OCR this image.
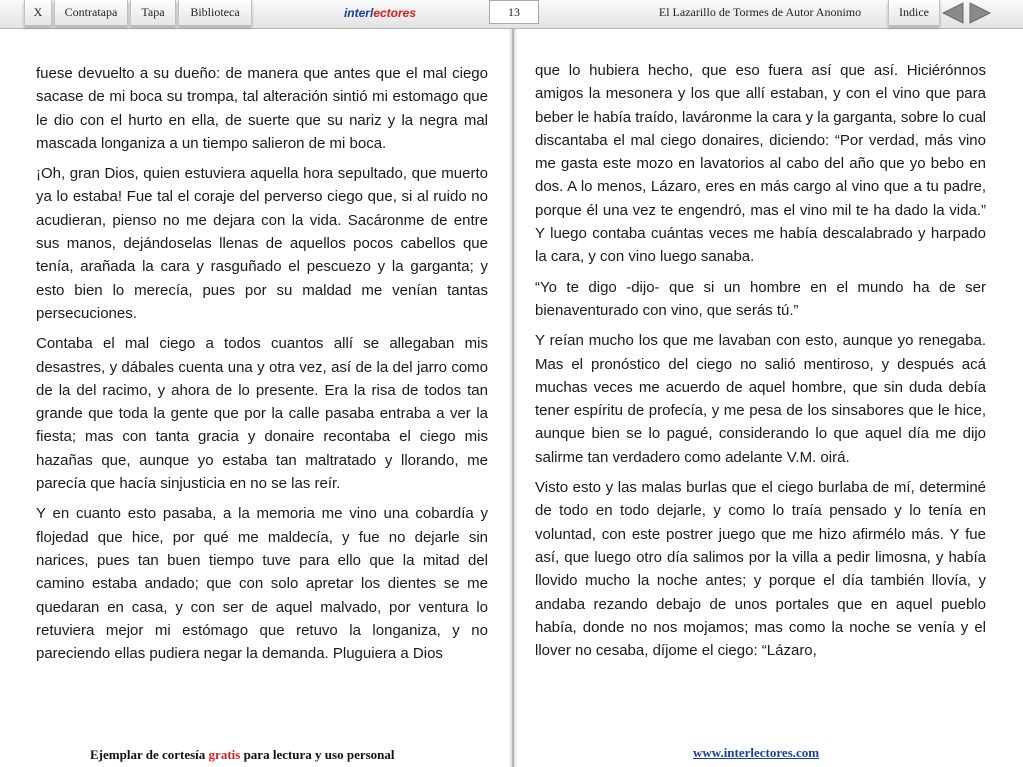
X	Contratapa	Tapa	Biblioteca	interlectores	13	El Lazarillo de Tormes de Autor Anonimo	Indice

fuese devuelto a su dueño: de manera que antes que el mal ciego sacase de mi boca su trompa, tal alteración sintió mi estomago que le dio con el hurto en ella, de suerte que su nariz y la negra mal mascada longaniza a un tiempo salieron de mi boca.

¡Oh, gran Dios, quien estuviera aquella hora sepultado, que muerto ya lo estaba! Fue tal el coraje del perverso ciego que, si al ruido no acudieran, pienso no me dejara con la vida. Sacáronme de entre sus manos, dejándoselas llenas de aquellos pocos cabellos que tenía, arañada la cara y rasguñado el pescuezo y la garganta; y esto bien lo merecía, pues por su maldad me venían tantas persecuciones.

Contaba el mal ciego a todos cuantos allí se allegaban mis desastres, y dábales cuenta una y otra vez, así de la del jarro como de la del racimo, y ahora de lo presente. Era la risa de todos tan grande que toda la gente que por la calle pasaba entraba a ver la fiesta; mas con tanta gracia y donaire recontaba el ciego mis hazañas que, aunque yo estaba tan maltratado y llorando, me parecía que hacía sinjusticia en no se las reír.

Y en cuanto esto pasaba, a la memoria me vino una cobardía y flojedad que hice, por qué me maldecía, y fue no dejarle sin narices, pues tan buen tiempo tuve para ello que la mitad del camino estaba andado; que con solo apretar los dientes se me quedaran en casa, y con ser de aquel malvado, por ventura lo retuviera mejor mi estómago que retuvo la longaniza, y no pareciendo ellas pudiera negar la demanda. Pluguiera a Dios

que lo hubiera hecho, que eso fuera así que así. Hiciérónnos amigos la mesonera y los que allí estaban, y con el vino que para beber le había traído, laváronme la cara y la garganta, sobre lo cual discantaba el mal ciego donaires, diciendo: “Por verdad, más vino me gasta este mozo en lavatorios al cabo del año que yo bebo en dos. A lo menos, Lázaro, eres en más cargo al vino que a tu padre, porque él una vez te engendró, mas el vino mil te ha dado la vida.” Y luego contaba cuántas veces me había descalabrado y harpado la cara, y con vino luego sanaba.

“Yo te digo -dijo- que si un hombre en el mundo ha de ser bienaventurado con vino, que serás tú.”

Y reían mucho los que me lavaban con esto, aunque yo renegaba. Mas el pronóstico del ciego no salió mentiroso, y después acá muchas veces me acuerdo de aquel hombre, que sin duda debía tener espíritu de profecía, y me pesa de los sinsabores que le hice, aunque bien se lo pagué, considerando lo que aquel día me dijo salirme tan verdadero como adelante V.M. oirá.

Visto esto y las malas burlas que el ciego burlaba de mí, determiné de todo en todo dejarle, y como lo traía pensado y lo tenía en voluntad, con este postrer juego que me hizo afirmélo más. Y fue así, que luego otro día salimos por la villa a pedir limosna, y había llovido mucho la noche antes; y porque el día también llovía, y andaba rezando debajo de unos portales que en aquel pueblo había, donde no nos mojamos; mas como la noche se venía y el llover no cesaba, díjome el ciego: “Lázaro,

Ejemplar de cortesía gratis para lectura y uso personal	www.interlectores.com
